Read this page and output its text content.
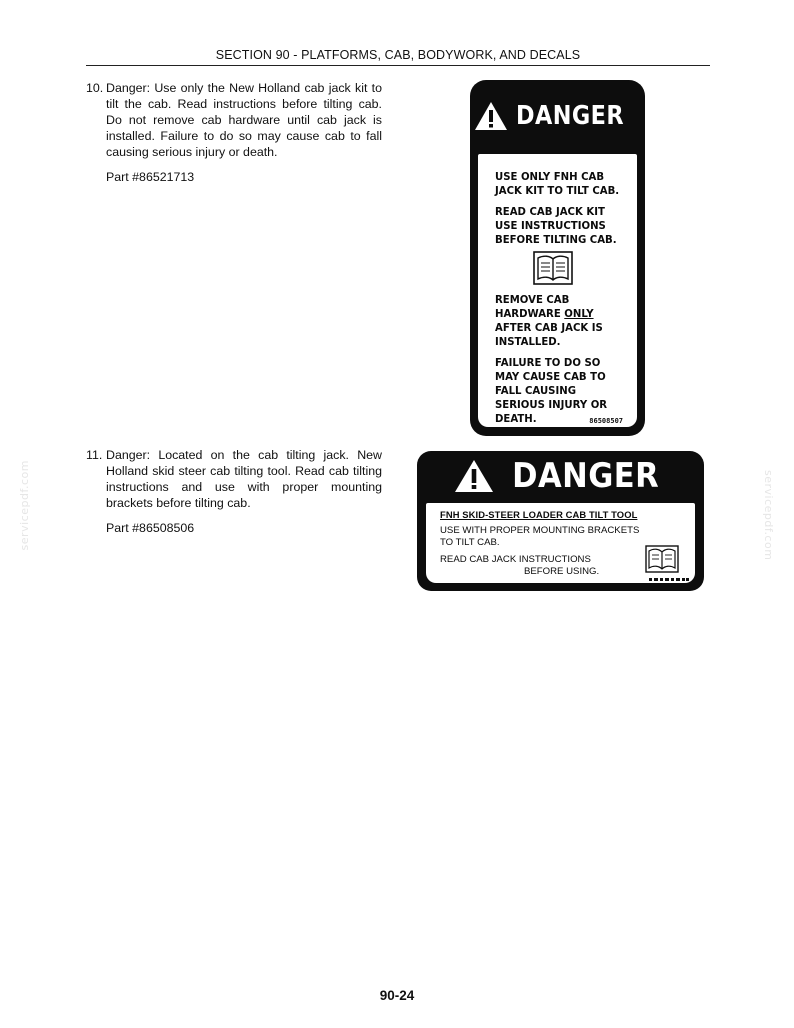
SECTION 90 - PLATFORMS, CAB, BODYWORK, AND DECALS
servicepdf.com	servicepdf.com
10. Danger: Use only the New Holland cab jack kit to tilt the cab. Read instructions before tilting cab. Do not remove cab hardware until cab jack is installed. Failure to do so may cause cab to fall causing serious injury or death.
Part #86521713
11. Danger: Located on the cab tilting jack. New Holland skid steer cab tilting tool. Read cab tilting instructions and use with proper mounting brackets before tilting cab.
Part #86508506
DANGER
USE ONLY FNH CAB
JACK KIT TO TILT CAB.
READ CAB JACK KIT
USE INSTRUCTIONS
BEFORE TILTING CAB.
REMOVE CAB
HARDWARE ONLY
AFTER CAB JACK IS
INSTALLED.
FAILURE TO DO SO
MAY CAUSE CAB TO
FALL CAUSING
SERIOUS INJURY OR
DEATH.	86508507
DANGER
FNH SKID-STEER LOADER CAB TILT TOOL
USE WITH PROPER MOUNTING BRACKETS
TO TILT CAB.
READ CAB JACK INSTRUCTIONS
BEFORE USING.
90-24
